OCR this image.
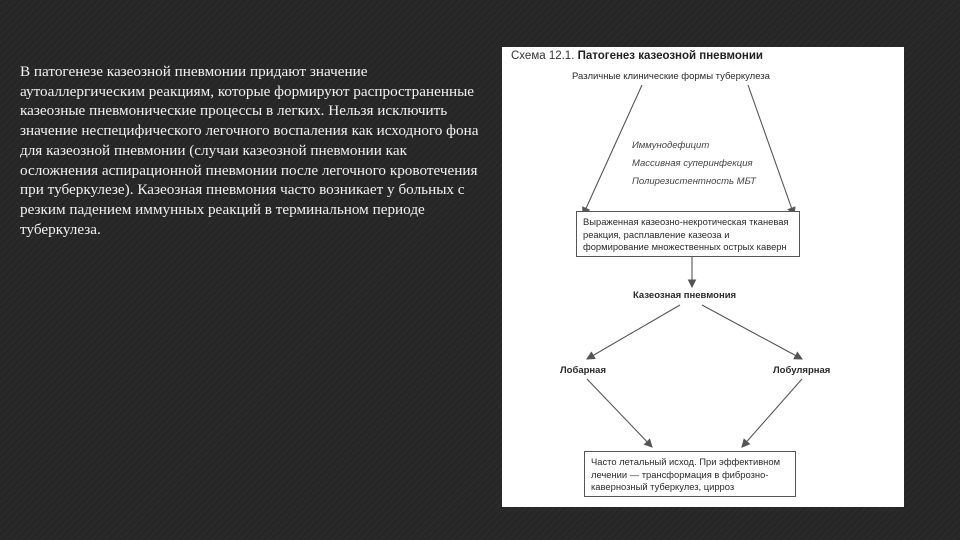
В патогенезе казеозной пневмонии придают значение аутоаллергическим реакциям, которые формируют распространенные казеозные пневмонические процессы в легких. Нельзя исключить значение неспецифического легочного воспаления как исходного фона для казеозной пневмонии (случаи казеозной пневмонии как осложнения аспирационной пневмонии после легочного кровотечения при туберкулезе). Казеозная пневмония часто возникает у больных с резким падением иммунных реакций в терминальном периоде туберкулеза.
Схема 12.1. Патогенез казеозной пневмонии
Различные клинические формы туберкулеза
Иммунодефицит
Массивная суперинфекция
Полирезистентность МБТ
Выраженная казеозно-некротическая тканевая реакция, расплавление казеоза и формирование множественных острых каверн
Казеозная пневмония
Лобарная	Лобулярная
Часто летальный исход. При эффективном лечении — трансформация в фиброзно-кавернозный туберкулез, цирроз
